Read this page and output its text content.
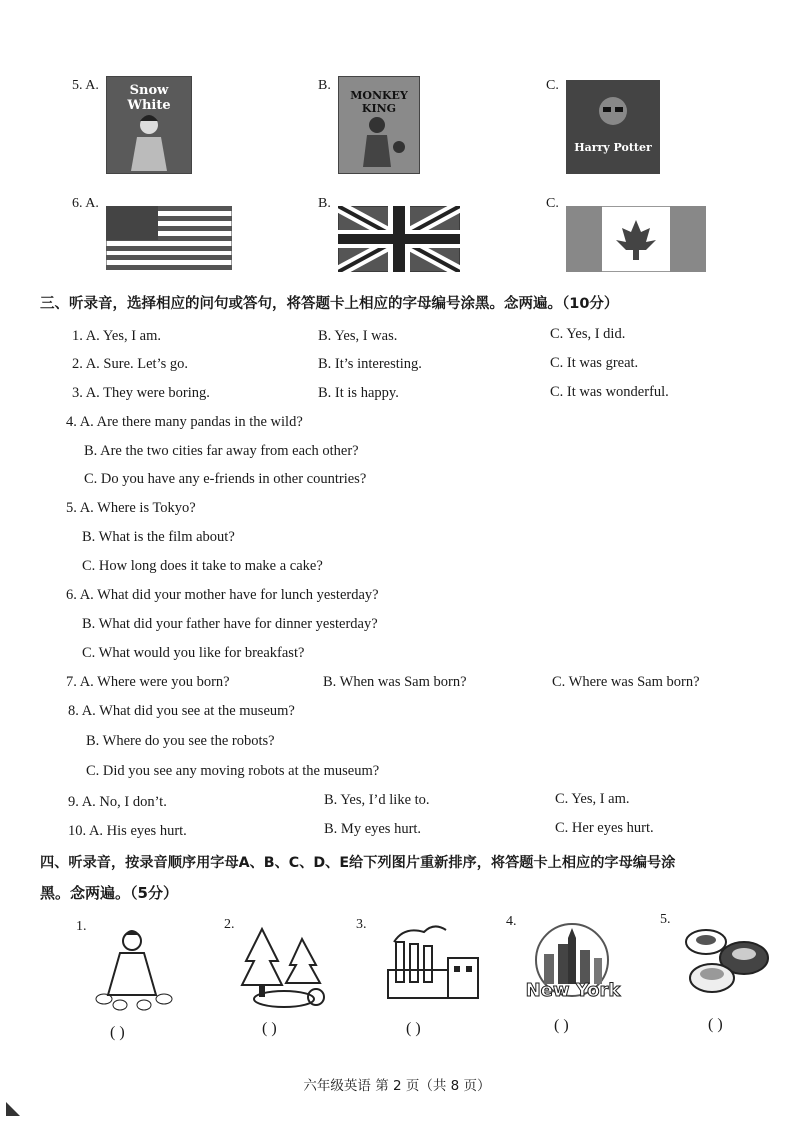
5. A.	Snow White
B.
MONKEY KING
C.
Harry Potter
6. A.	B.	C.
三、听录音，选择相应的问句或答句，将答题卡上相应的字母编号涂黑。念两遍。（10分）
1. A. Yes, I am.	B. Yes, I was.	C. Yes, I did.
2. A. Sure. Let’s go.	B. It’s interesting.	C. It was great.
3. A. They were boring.	B. It is happy.	C. It was wonderful.
4. A. Are there many pandas in the wild?
B. Are the two cities far away from each other?
C. Do you have any e-friends in other countries?
5. A. Where is Tokyo?
B. What is the film about?
C. How long does it take to make a cake?
6. A. What did your mother have for lunch yesterday?
B. What did your father have for dinner yesterday?
C. What would you like for breakfast?
7. A. Where were you born?	B. When was Sam born?	C. Where was Sam born?
8. A. What did you see at the museum?
B. Where do you see the robots?
C. Did you see any moving robots at the museum?
9. A. No, I don’t.	B. Yes, I’d like to.	C. Yes, I am.
10. A. His eyes hurt.	B. My eyes hurt.	C. Her eyes hurt.
四、听录音，按录音顺序用字母A、B、C、D、E给下列图片重新排序，将答题卡上相应的字母编号涂
黑。念两遍。（5分）
1.
( )
2.
( )
3.
( )
4.
New York
( )
5.
( )
六年级英语 第 2 页（共 8 页）
